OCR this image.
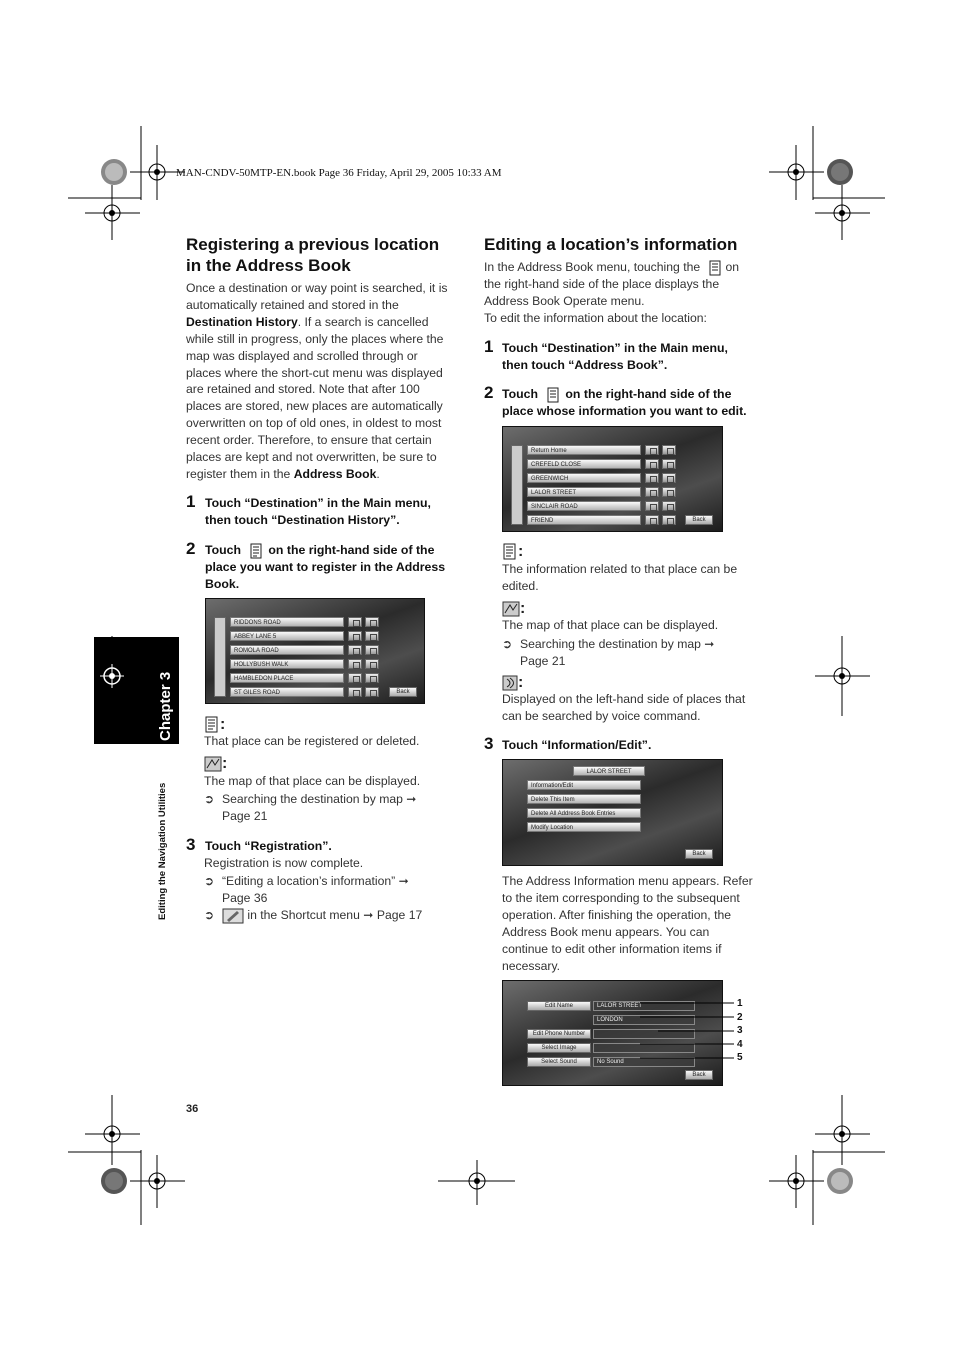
MAN-CNDV-50MTP-EN.book Page 36 Friday, April 29, 2005 10:33 AM
Chapter 3
Editing the Navigation Utilities
36
Registering a previous location
in the Address Book
Once a destination or way point is searched, it is
automatically retained and stored in the
Destination History. If a search is cancelled
while still in progress, only the places where the
map was displayed and scrolled through or
places where the short-cut menu was displayed
are retained and stored. Note that after 100
places are stored, new places are automatically
overwritten on top of old ones, in oldest to most
recent order. Therefore, to ensure that certain
places are kept and not overwritten, be sure to
register them in the Address Book.
1 Touch “Destination” in the Main menu,
then touch “Destination History”.
2 Touch on the right-hand side of the
place you want to register in the Address
Book.
RIDDONS ROAD
ABBEY LANE 5
ROMOLA ROAD
HOLLYBUSH WALK
HAMBLEDON PLACE
ST GILES ROAD	Back
:
That place can be registered or deleted.
:
The map of that place can be displayed.
➲ Searching the destination by map ➞
Page 21
3 Touch “Registration”.
Registration is now complete.
➲ “Editing a location’s information” ➞
Page 36
➲	in the Shortcut menu ➞ Page 17
Editing a location’s information
In the Address Book menu, touching the on
the right-hand side of the place displays the
Address Book Operate menu.
To edit the information about the location:
1 Touch “Destination” in the Main menu,
then touch “Address Book”.
2 Touch on the right-hand side of the
place whose information you want to edit.
Return Home
CREFELD CLOSE
GREENWICH
LALOR STREET
SINCLAIR ROAD
FRIEND	Back
:
The information related to that place can be
edited.
:
The map of that place can be displayed.
➲ Searching the destination by map ➞
Page 21
:
Displayed on the left-hand side of places that
can be searched by voice command.
3 Touch “Information/Edit”.
LALOR STREET
Information/Edit
Delete This Item
Delete All Address Book Entries
Modify Location
Back
The Address Information menu appears. Refer
to the item corresponding to the subsequent
operation. After finishing the operation, the
Address Book menu appears. You can
continue to edit other information items if
necessary.
Edit Name	LALOR STREET
LONDON
Edit Phone Number
Select Image
Select Sound	No Sound
Back
1
2
3
4
5
